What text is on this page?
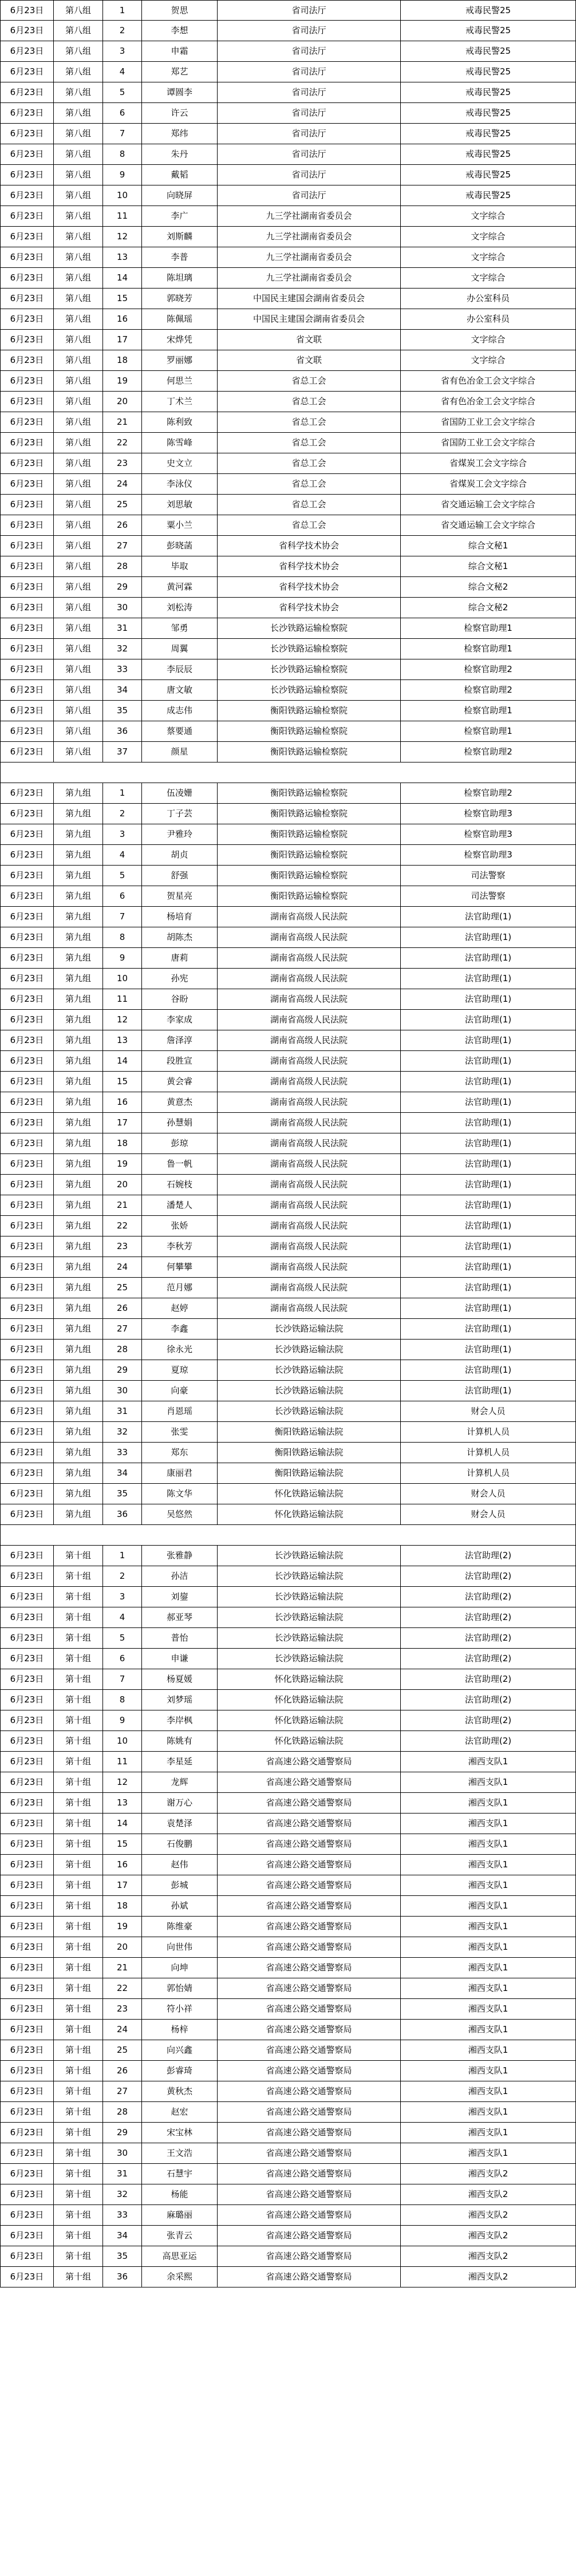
6月23日	第八组	1	贺思	省司法厅	戒毒民警25
6月23日	第八组	2	李想	省司法厅	戒毒民警25
6月23日	第八组	3	申霜	省司法厅	戒毒民警25
6月23日	第八组	4	郑艺	省司法厅	戒毒民警25
6月23日	第八组	5	谭圆李	省司法厅	戒毒民警25
6月23日	第八组	6	许云	省司法厅	戒毒民警25
6月23日	第八组	7	郑纬	省司法厅	戒毒民警25
6月23日	第八组	8	朱丹	省司法厅	戒毒民警25
6月23日	第八组	9	戴韬	省司法厅	戒毒民警25
6月23日	第八组	10	向晓屏	省司法厅	戒毒民警25
6月23日	第八组	11	李广	九三学社湖南省委员会	文字综合
6月23日	第八组	12	刘斯麟	九三学社湖南省委员会	文字综合
6月23日	第八组	13	李普	九三学社湖南省委员会	文字综合
6月23日	第八组	14	陈坦璃	九三学社湖南省委员会	文字综合
6月23日	第八组	15	郭晓芳	中国民主建国会湖南省委员会	办公室科员
6月23日	第八组	16	陈佩瑶	中国民主建国会湖南省委员会	办公室科员
6月23日	第八组	17	宋烨凭	省文联	文字综合
6月23日	第八组	18	罗丽娜	省文联	文字综合
6月23日	第八组	19	何思兰	省总工会	省有色冶金工会文字综合
6月23日	第八组	20	丁术兰	省总工会	省有色冶金工会文字综合
6月23日	第八组	21	陈利致	省总工会	省国防工业工会文字综合
6月23日	第八组	22	陈雪峰	省总工会	省国防工业工会文字综合
6月23日	第八组	23	史文立	省总工会	省煤炭工会文字综合
6月23日	第八组	24	李泳仪	省总工会	省煤炭工会文字综合
6月23日	第八组	25	刘思敏	省总工会	省交通运输工会文字综合
6月23日	第八组	26	粟小兰	省总工会	省交通运输工会文字综合
6月23日	第八组	27	彭晓菡	省科学技术协会	综合文秘1
6月23日	第八组	28	毕取	省科学技术协会	综合文秘1
6月23日	第八组	29	黄河霖	省科学技术协会	综合文秘2
6月23日	第八组	30	刘松涛	省科学技术协会	综合文秘2
6月23日	第八组	31	邹勇	长沙铁路运输检察院	检察官助理1
6月23日	第八组	32	周翼	长沙铁路运输检察院	检察官助理1
6月23日	第八组	33	李辰辰	长沙铁路运输检察院	检察官助理2
6月23日	第八组	34	唐文敏	长沙铁路运输检察院	检察官助理2
6月23日	第八组	35	成志伟	衡阳铁路运输检察院	检察官助理1
6月23日	第八组	36	蔡要通	衡阳铁路运输检察院	检察官助理1
6月23日	第八组	37	颜星	衡阳铁路运输检察院	检察官助理2
6月23日	第九组	1	伍凌姗	衡阳铁路运输检察院	检察官助理2
6月23日	第九组	2	丁子芸	衡阳铁路运输检察院	检察官助理3
6月23日	第九组	3	尹雅玲	衡阳铁路运输检察院	检察官助理3
6月23日	第九组	4	胡贞	衡阳铁路运输检察院	检察官助理3
6月23日	第九组	5	舒强	衡阳铁路运输检察院	司法警察
6月23日	第九组	6	贺星亮	衡阳铁路运输检察院	司法警察
6月23日	第九组	7	杨培育	湖南省高级人民法院	法官助理(1)
6月23日	第九组	8	胡陈杰	湖南省高级人民法院	法官助理(1)
6月23日	第九组	9	唐莉	湖南省高级人民法院	法官助理(1)
6月23日	第九组	10	孙宪	湖南省高级人民法院	法官助理(1)
6月23日	第九组	11	谷盼	湖南省高级人民法院	法官助理(1)
6月23日	第九组	12	李家成	湖南省高级人民法院	法官助理(1)
6月23日	第九组	13	詹泽淳	湖南省高级人民法院	法官助理(1)
6月23日	第九组	14	段胜宣	湖南省高级人民法院	法官助理(1)
6月23日	第九组	15	黄会睿	湖南省高级人民法院	法官助理(1)
6月23日	第九组	16	黄意杰	湖南省高级人民法院	法官助理(1)
6月23日	第九组	17	孙慧娟	湖南省高级人民法院	法官助理(1)
6月23日	第九组	18	彭琼	湖南省高级人民法院	法官助理(1)
6月23日	第九组	19	鲁一帆	湖南省高级人民法院	法官助理(1)
6月23日	第九组	20	石婉枝	湖南省高级人民法院	法官助理(1)
6月23日	第九组	21	潘楚人	湖南省高级人民法院	法官助理(1)
6月23日	第九组	22	张娇	湖南省高级人民法院	法官助理(1)
6月23日	第九组	23	李秋芳	湖南省高级人民法院	法官助理(1)
6月23日	第九组	24	何攀攀	湖南省高级人民法院	法官助理(1)
6月23日	第九组	25	范月娜	湖南省高级人民法院	法官助理(1)
6月23日	第九组	26	赵婷	湖南省高级人民法院	法官助理(1)
6月23日	第九组	27	李鑫	长沙铁路运输法院	法官助理(1)
6月23日	第九组	28	徐永光	长沙铁路运输法院	法官助理(1)
6月23日	第九组	29	夏琼	长沙铁路运输法院	法官助理(1)
6月23日	第九组	30	向豪	长沙铁路运输法院	法官助理(1)
6月23日	第九组	31	肖恩瑶	长沙铁路运输法院	财会人员
6月23日	第九组	32	张雯	衡阳铁路运输法院	计算机人员
6月23日	第九组	33	郑东	衡阳铁路运输法院	计算机人员
6月23日	第九组	34	康丽君	衡阳铁路运输法院	计算机人员
6月23日	第九组	35	陈文华	怀化铁路运输法院	财会人员
6月23日	第九组	36	吴悠然	怀化铁路运输法院	财会人员
6月23日	第十组	1	张雅静	长沙铁路运输法院	法官助理(2)
6月23日	第十组	2	孙洁	长沙铁路运输法院	法官助理(2)
6月23日	第十组	3	刘鋆	长沙铁路运输法院	法官助理(2)
6月23日	第十组	4	郝亚琴	长沙铁路运输法院	法官助理(2)
6月23日	第十组	5	普怡	长沙铁路运输法院	法官助理(2)
6月23日	第十组	6	申谦	长沙铁路运输法院	法官助理(2)
6月23日	第十组	7	杨夏媛	怀化铁路运输法院	法官助理(2)
6月23日	第十组	8	刘梦瑶	怀化铁路运输法院	法官助理(2)
6月23日	第十组	9	李岸枫	怀化铁路运输法院	法官助理(2)
6月23日	第十组	10	陈姚有	怀化铁路运输法院	法官助理(2)
6月23日	第十组	11	李星延	省高速公路交通警察局	湘西支队1
6月23日	第十组	12	龙辉	省高速公路交通警察局	湘西支队1
6月23日	第十组	13	谢万心	省高速公路交通警察局	湘西支队1
6月23日	第十组	14	袁楚泽	省高速公路交通警察局	湘西支队1
6月23日	第十组	15	石俊鹏	省高速公路交通警察局	湘西支队1
6月23日	第十组	16	赵伟	省高速公路交通警察局	湘西支队1
6月23日	第十组	17	彭城	省高速公路交通警察局	湘西支队1
6月23日	第十组	18	孙斌	省高速公路交通警察局	湘西支队1
6月23日	第十组	19	陈维豪	省高速公路交通警察局	湘西支队1
6月23日	第十组	20	向世伟	省高速公路交通警察局	湘西支队1
6月23日	第十组	21	向坤	省高速公路交通警察局	湘西支队1
6月23日	第十组	22	郭怡婧	省高速公路交通警察局	湘西支队1
6月23日	第十组	23	符小祥	省高速公路交通警察局	湘西支队1
6月23日	第十组	24	杨梓	省高速公路交通警察局	湘西支队1
6月23日	第十组	25	向兴鑫	省高速公路交通警察局	湘西支队1
6月23日	第十组	26	彭睿琦	省高速公路交通警察局	湘西支队1
6月23日	第十组	27	黄秋杰	省高速公路交通警察局	湘西支队1
6月23日	第十组	28	赵宏	省高速公路交通警察局	湘西支队1
6月23日	第十组	29	宋宝林	省高速公路交通警察局	湘西支队1
6月23日	第十组	30	王文浩	省高速公路交通警察局	湘西支队1
6月23日	第十组	31	石慧宇	省高速公路交通警察局	湘西支队2
6月23日	第十组	32	杨能	省高速公路交通警察局	湘西支队2
6月23日	第十组	33	麻璐丽	省高速公路交通警察局	湘西支队2
6月23日	第十组	34	张青云	省高速公路交通警察局	湘西支队2
6月23日	第十组	35	高思亚运	省高速公路交通警察局	湘西支队2
6月23日	第十组	36	余采熙	省高速公路交通警察局	湘西支队2
